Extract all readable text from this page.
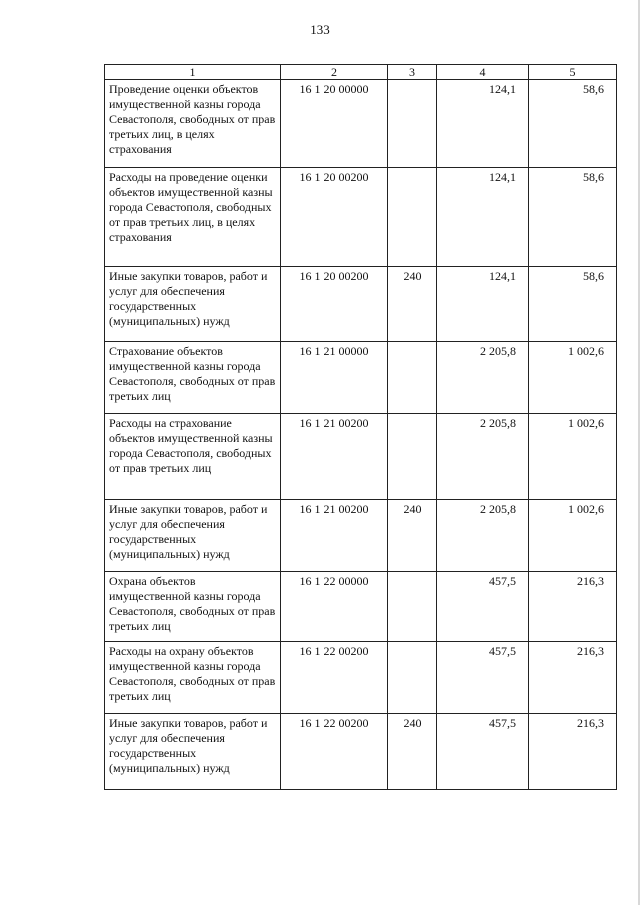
133
1	2	3	4	5
Проведение оценки объектов имущественной казны города Севастополя, свободных от прав третьих лиц, в целях страхования	16 1 20 00000		124,1	58,6
Расходы на проведение оценки объектов имущественной казны города Севастополя, свободных от прав третьих лиц, в целях страхования	16 1 20 00200		124,1	58,6
Иные закупки товаров, работ и услуг для обеспечения государственных (муниципальных) нужд	16 1 20 00200	240	124,1	58,6
Страхование объектов имущественной казны города Севастополя, свободных от прав третьих лиц	16 1 21 00000		2 205,8	1 002,6
Расходы на страхование объектов имущественной казны города Севастополя, свободных от прав третьих лиц	16 1 21 00200		2 205,8	1 002,6
Иные закупки товаров, работ и услуг для обеспечения государственных (муниципальных) нужд	16 1 21 00200	240	2 205,8	1 002,6
Охрана объектов имущественной казны города Севастополя, свободных от прав третьих лиц	16 1 22 00000		457,5	216,3
Расходы на охрану объектов имущественной казны города Севастополя, свободных от прав третьих лиц	16 1 22 00200		457,5	216,3
Иные закупки товаров, работ и услуг для обеспечения государственных (муниципальных) нужд	16 1 22 00200	240	457,5	216,3
